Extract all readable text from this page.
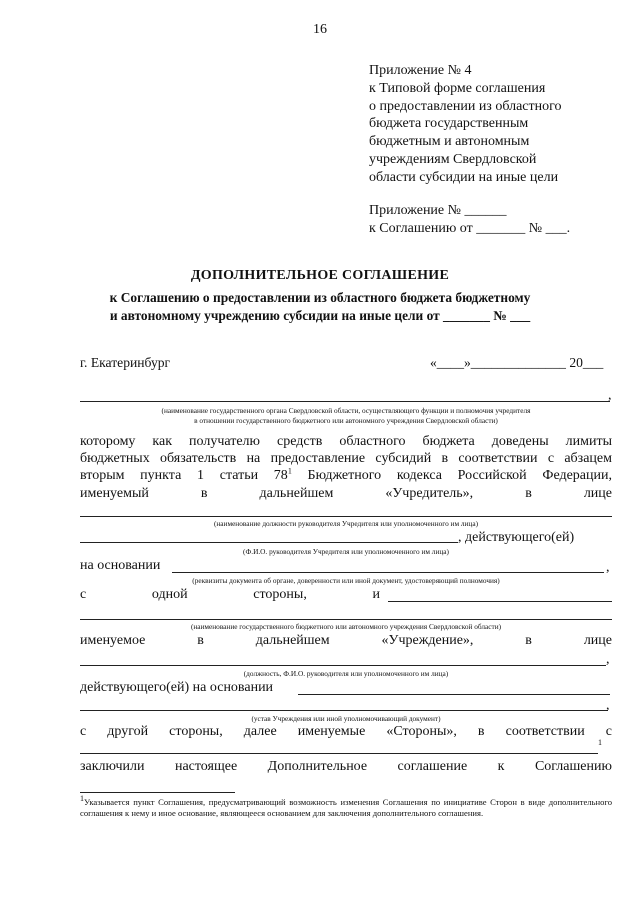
16
Приложение № 4
к Типовой форме соглашения
о предоставлении из областного
бюджета государственным
бюджетным и автономным
учреждениям Свердловской
области субсидии на иные цели
Приложение № ______
к Соглашению от _______ № ___.
ДОПОЛНИТЕЛЬНОЕ СОГЛАШЕНИЕ
к Соглашению о предоставлении из областного бюджета бюджетному
и автономному учреждению субсидии на иные цели от _______ № ___
г. Екатеринбург	«____»______________ 20___
,
(наименование государственного органа Свердловской области, осуществляющего функции и полномочия учредителя
в отношении государственного бюджетного или автономного учреждения Свердловской области)
которому как получателю средств областного бюджета доведены лимиты
бюджетных обязательств на предоставление субсидий в соответствии с абзацем
вторым пункта 1 статьи $78^1$ Бюджетного кодекса Российской Федерации,
именуемый	в	дальнейшем	«Учредитель»,	в	лице
(наименование должности руководителя Учредителя или уполномоченного им лица)
, действующего(ей)
(Ф.И.О. руководителя Учредителя или уполномоченного им лица)
на основании	,
(реквизиты документа об органе, доверенности или иной документ, удостоверяющий полномочия)
с	одной	стороны,	и
(наименование государственного бюджетного или автономного учреждения Свердловской области)
именуемое	в	дальнейшем	«Учреждение»,	в	лице
,
(должность, Ф.И.О. руководителя или уполномоченного им лица)
действующего(ей) на основании
,
(устав Учреждения или иной уполномочивающий документ)
с другой стороны, далее именуемые «Стороны», в соответствии с
1
заключили настоящее Дополнительное соглашение к Соглашению
$^1$Указывается пункт Соглашения, предусматривающий возможность изменения Соглашения по инициативе Сторон в виде дополнительного соглашения к нему и иное основание, являющееся основанием для заключения дополнительного соглашения.
